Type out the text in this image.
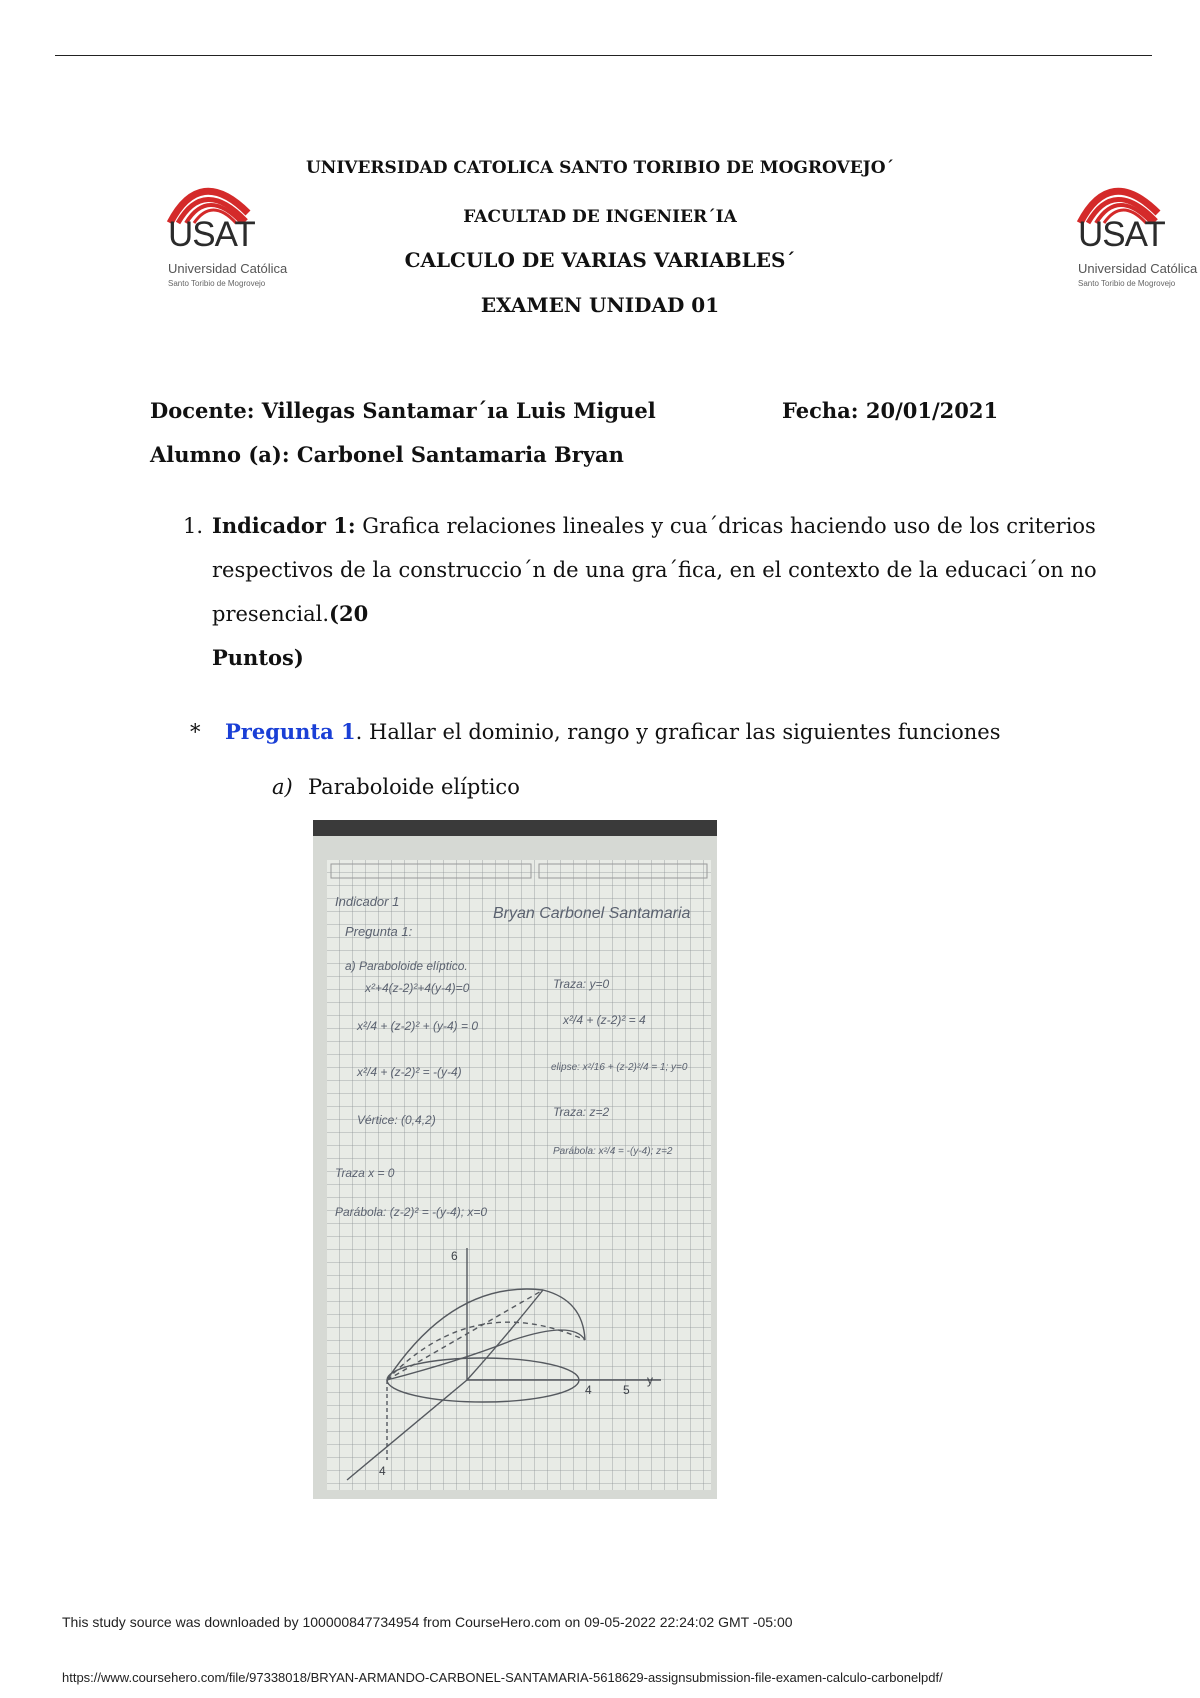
USAT
Universidad Católica
Santo Toribio de Mogrovejo
USAT
Universidad Católica
Santo Toribio de Mogrovejo
UNIVERSIDAD CATOLICA SANTO TORIBIO DE MOGROVEJO´
FACULTAD DE INGENIER´IA
CALCULO DE VARIAS VARIABLES´
EXAMEN UNIDAD 01
Docente: Villegas Santamar´ıa Luis Miguel	Fecha: 20/01/2021
Alumno (a): Carbonel Santamaria Bryan
1. Indicador 1: Grafica relaciones lineales y cua´dricas haciendo uso de los criterios
respectivos de la construccio´n de una gra´fica, en el contexto de la educaci´on no
presencial.(20
Puntos)
* Pregunta 1. Hallar el dominio, rango y graficar las siguientes funciones
a) Paraboloide elíptico
Indicador 1
Bryan Carbonel Santamaria
Pregunta 1:
a) Paraboloide elíptico.
x²+4(z-2)²+4(y-4)=0
x²/4 + (z-2)² + (y-4) = 0
x²/4 + (z-2)² = -(y-4)
Vértice: (0,4,2)
Traza x = 0
Parábola: (z-2)² = -(y-4); x=0
Traza: y=0
x²/4 + (z-2)² = 4
elipse: x²/16 + (z-2)²/4 = 1; y=0
Traza: z=2
Parábola: x²/4 = -(y-4); z=2
6
y
4	5
4
This study source was downloaded by 100000847734954 from CourseHero.com on 09-05-2022 22:24:02 GMT -05:00
https://www.coursehero.com/file/97338018/BRYAN-ARMANDO-CARBONEL-SANTAMARIA-5618629-assignsubmission-file-examen-calculo-carbonelpdf/
